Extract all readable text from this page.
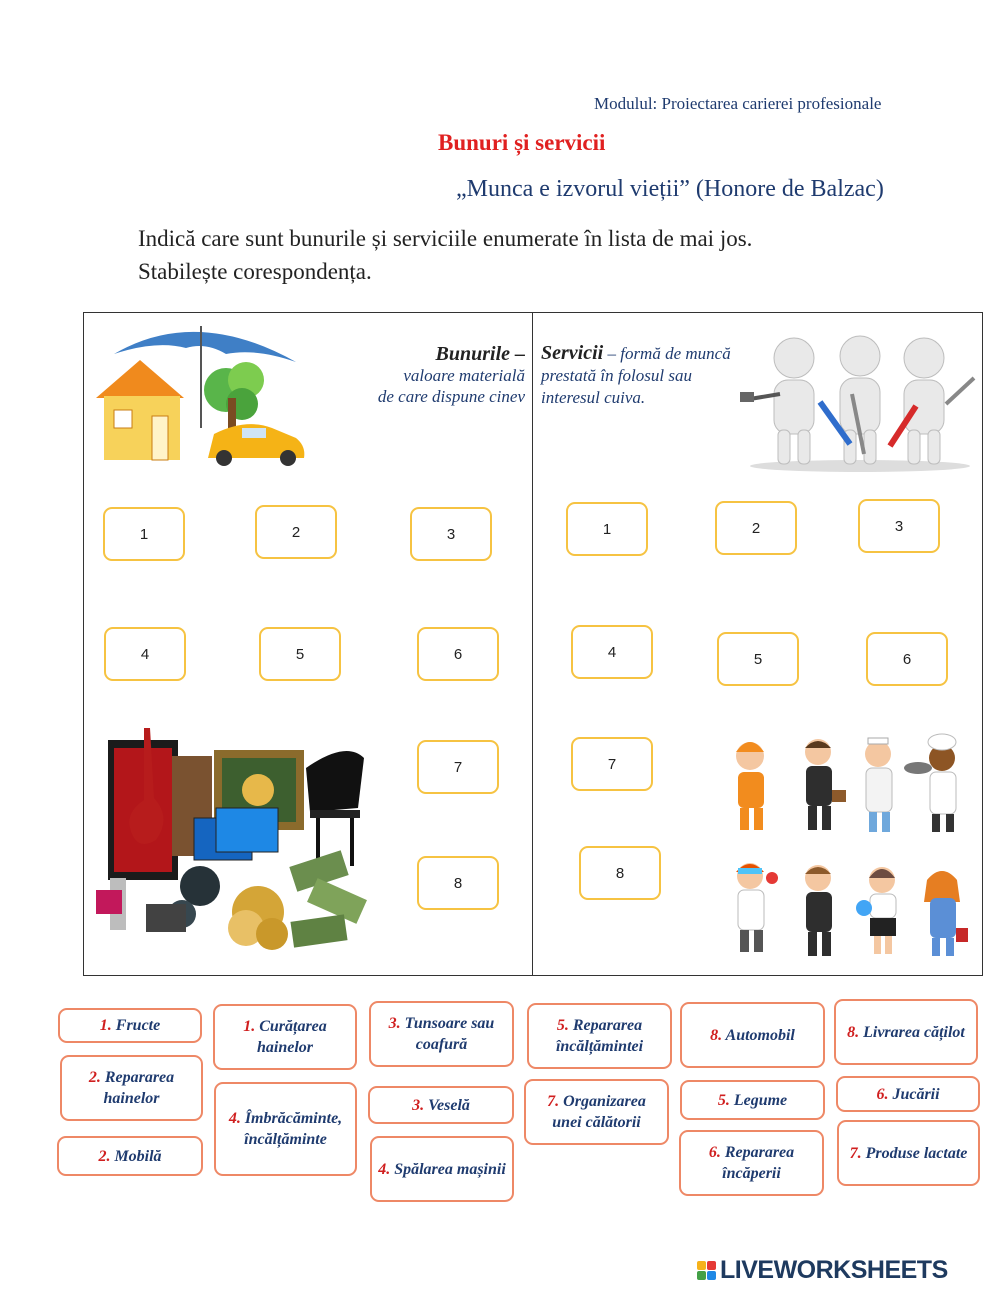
Modulul: Proiectarea carierei profesionale
Bunuri și servicii
„Munca e izvorul vieții” (Honore de Balzac)
Indică care sunt bunurile și serviciile enumerate în lista de mai jos.
Stabilește corespondența.
Bunurile –
valoare materială
de care dispune cinev
Servicii – formă de muncă
prestată în folosul sau
interesul cuiva.
1	2	3
4	5	6
7
8
1	2	3
4	5	6
7
8
1. Fructe
2. Repararea hainelor
2. Mobilă
1. Curățarea hainelor
4. Îmbrăcăminte, încălțăminte
3. Tunsoare sau coafură
3. Veselă
4. Spălarea mașinii
5. Repararea încălțămintei
7. Organizarea unei călătorii
8. Automobil
5. Legume
6. Repararea încăperii
8. Livrarea cățilot
6. Jucării
7. Produse lactate
LIVEWORKSHEETS
